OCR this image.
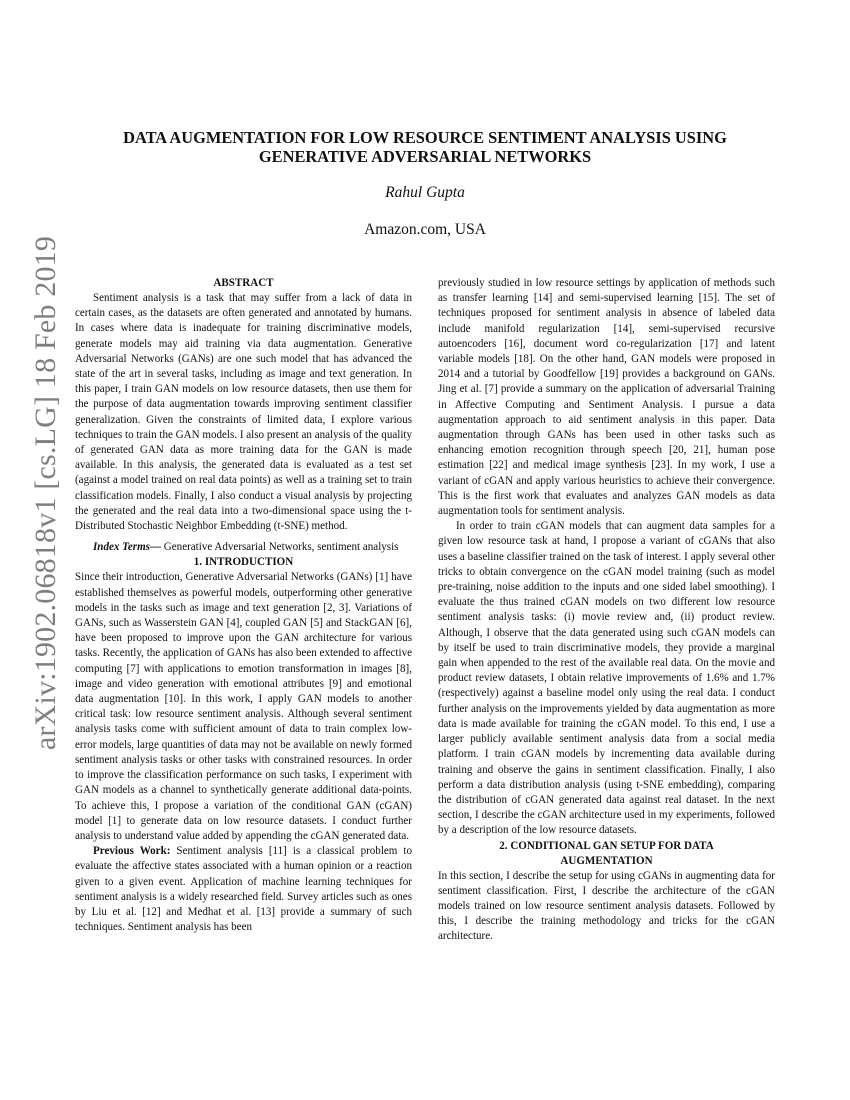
arXiv:1902.06818v1 [cs.LG] 18 Feb 2019
DATA AUGMENTATION FOR LOW RESOURCE SENTIMENT ANALYSIS USING GENERATIVE ADVERSARIAL NETWORKS
Rahul Gupta
Amazon.com, USA

ABSTRACT

Sentiment analysis is a task that may suffer from a lack of data in certain cases, as the datasets are often generated and annotated by humans. In cases where data is inadequate for training discriminative models, generate models may aid training via data augmentation. Generative Adversarial Networks (GANs) are one such model that has advanced the state of the art in several tasks, including as image and text generation. In this paper, I train GAN models on low resource datasets, then use them for the purpose of data augmentation towards improving sentiment classifier generalization. Given the constraints of limited data, I explore various techniques to train the GAN models. I also present an analysis of the quality of generated GAN data as more training data for the GAN is made available. In this analysis, the generated data is evaluated as a test set (against a model trained on real data points) as well as a training set to train classification models. Finally, I also conduct a visual analysis by projecting the generated and the real data into a two-dimensional space using the t-Distributed Stochastic Neighbor Embedding (t-SNE) method.

Index Terms— Generative Adversarial Networks, sentiment analysis

1. INTRODUCTION

Since their introduction, Generative Adversarial Networks (GANs) [1] have established themselves as powerful models, outperforming other generative models in the tasks such as image and text generation [2, 3]. Variations of GANs, such as Wasserstein GAN [4], coupled GAN [5] and StackGAN [6], have been proposed to improve upon the GAN architecture for various tasks. Recently, the application of GANs has also been extended to affective computing [7] with applications to emotion transformation in images [8], image and video generation with emotional attributes [9] and emotional data augmentation [10]. In this work, I apply GAN models to another critical task: low resource sentiment analysis. Although several sentiment analysis tasks come with sufficient amount of data to train complex low-error models, large quantities of data may not be available on newly formed sentiment analysis tasks or other tasks with constrained resources. In order to improve the classification performance on such tasks, I experiment with GAN models as a channel to synthetically generate additional data-points. To achieve this, I propose a variation of the conditional GAN (cGAN) model [1] to generate data on low resource datasets. I conduct further analysis to understand value added by appending the cGAN generated data.

Previous Work: Sentiment analysis [11] is a classical problem to evaluate the affective states associated with a human opinion or a reaction given to a given event. Application of machine learning techniques for sentiment analysis is a widely researched field. Survey articles such as ones by Liu et al. [12] and Medhat et al. [13] provide a summary of such techniques. Sentiment analysis has been

previously studied in low resource settings by application of methods such as transfer learning [14] and semi-supervised learning [15]. The set of techniques proposed for sentiment analysis in absence of labeled data include manifold regularization [14], semi-supervised recursive autoencoders [16], document word co-regularization [17] and latent variable models [18]. On the other hand, GAN models were proposed in 2014 and a tutorial by Goodfellow [19] provides a background on GANs. Jing et al. [7] provide a summary on the application of adversarial Training in Affective Computing and Sentiment Analysis. I pursue a data augmentation approach to aid sentiment analysis in this paper. Data augmentation through GANs has been used in other tasks such as enhancing emotion recognition through speech [20, 21], human pose estimation [22] and medical image synthesis [23]. In my work, I use a variant of cGAN and apply various heuristics to achieve their convergence. This is the first work that evaluates and analyzes GAN models as data augmentation tools for sentiment analysis.

In order to train cGAN models that can augment data samples for a given low resource task at hand, I propose a variant of cGANs that also uses a baseline classifier trained on the task of interest. I apply several other tricks to obtain convergence on the cGAN model training (such as model pre-training, noise addition to the inputs and one sided label smoothing). I evaluate the thus trained cGAN models on two different low resource sentiment analysis tasks: (i) movie review and, (ii) product review. Although, I observe that the data generated using such cGAN models can by itself be used to train discriminative models, they provide a marginal gain when appended to the rest of the available real data. On the movie and product review datasets, I obtain relative improvements of 1.6% and 1.7% (respectively) against a baseline model only using the real data. I conduct further analysis on the improvements yielded by data augmentation as more data is made available for training the cGAN model. To this end, I use a larger publicly available sentiment analysis data from a social media platform. I train cGAN models by incrementing data available during training and observe the gains in sentiment classification. Finally, I also perform a data distribution analysis (using t-SNE embedding), comparing the distribution of cGAN generated data against real dataset. In the next section, I describe the cGAN architecture used in my experiments, followed by a description of the low resource datasets.

2. CONDITIONAL GAN SETUP FOR DATA
AUGMENTATION

In this section, I describe the setup for using cGANs in augmenting data for sentiment classification. First, I describe the architecture of the cGAN models trained on low resource sentiment analysis datasets. Followed by this, I describe the training methodology and tricks for the cGAN architecture.
